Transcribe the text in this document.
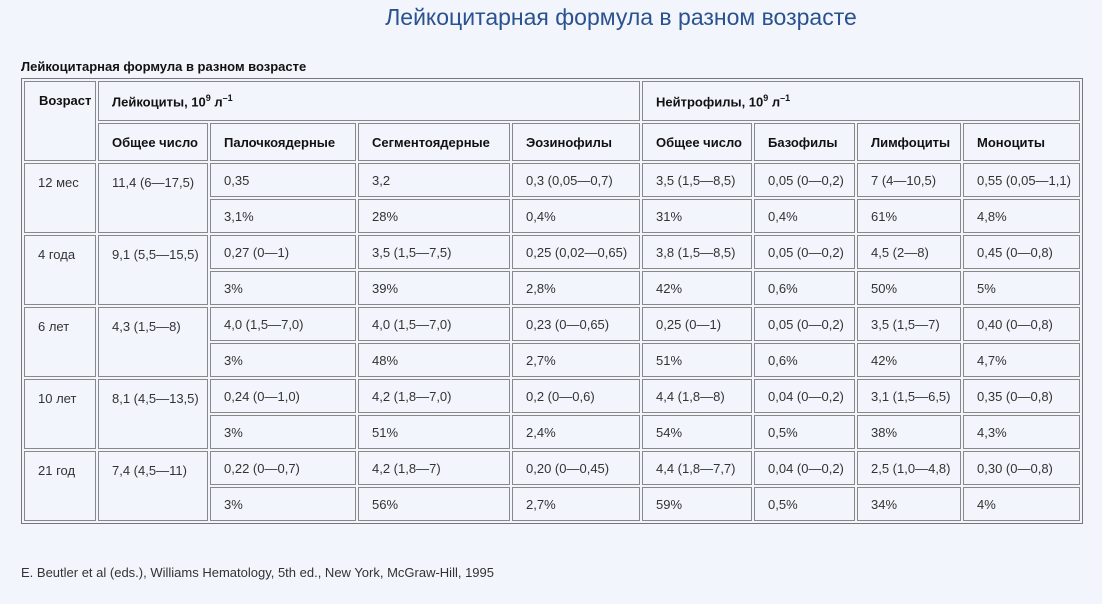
Лейкоцитарная формула в разном возрасте
Лейкоцитарная формула в разном возрасте
Возраст	Лейкоциты, $10^9$ $л^{-1}$				Нейтрофилы, $10^9$ $л^{-1}$
	Общее число	Палочкоядерные	Сегментоядерные	Эозинофилы	Общее число	Базофилы	Лимфоциты	Моноциты
12 мес	11,4 (6—17,5)	0,35	3,2	0,3 (0,05—0,7)	3,5 (1,5—8,5)	0,05 (0—0,2)	7 (4—10,5)	0,55 (0,05—1,1)
		3,1%	28%	0,4%	31%	0,4%	61%	4,8%
4 года	9,1 (5,5—15,5)	0,27 (0—1)	3,5 (1,5—7,5)	0,25 (0,02—0,65)	3,8 (1,5—8,5)	0,05 (0—0,2)	4,5 (2—8)	0,45 (0—0,8)
		3%	39%	2,8%	42%	0,6%	50%	5%
6 лет	4,3 (1,5—8)	4,0 (1,5—7,0)	4,0 (1,5—7,0)	0,23 (0—0,65)	0,25 (0—1)	0,05 (0—0,2)	3,5 (1,5—7)	0,40 (0—0,8)
		3%	48%	2,7%	51%	0,6%	42%	4,7%
10 лет	8,1 (4,5—13,5)	0,24 (0—1,0)	4,2 (1,8—7,0)	0,2 (0—0,6)	4,4 (1,8—8)	0,04 (0—0,2)	3,1 (1,5—6,5)	0,35 (0—0,8)
		3%	51%	2,4%	54%	0,5%	38%	4,3%
21 год	7,4 (4,5—11)	0,22 (0—0,7)	4,2 (1,8—7)	0,20 (0—0,45)	4,4 (1,8—7,7)	0,04 (0—0,2)	2,5 (1,0—4,8)	0,30 (0—0,8)
		3%	56%	2,7%	59%	0,5%	34%	4%
E. Beutler et al (eds.), Williams Hematology, 5th ed., New York, McGraw-Hill, 1995
